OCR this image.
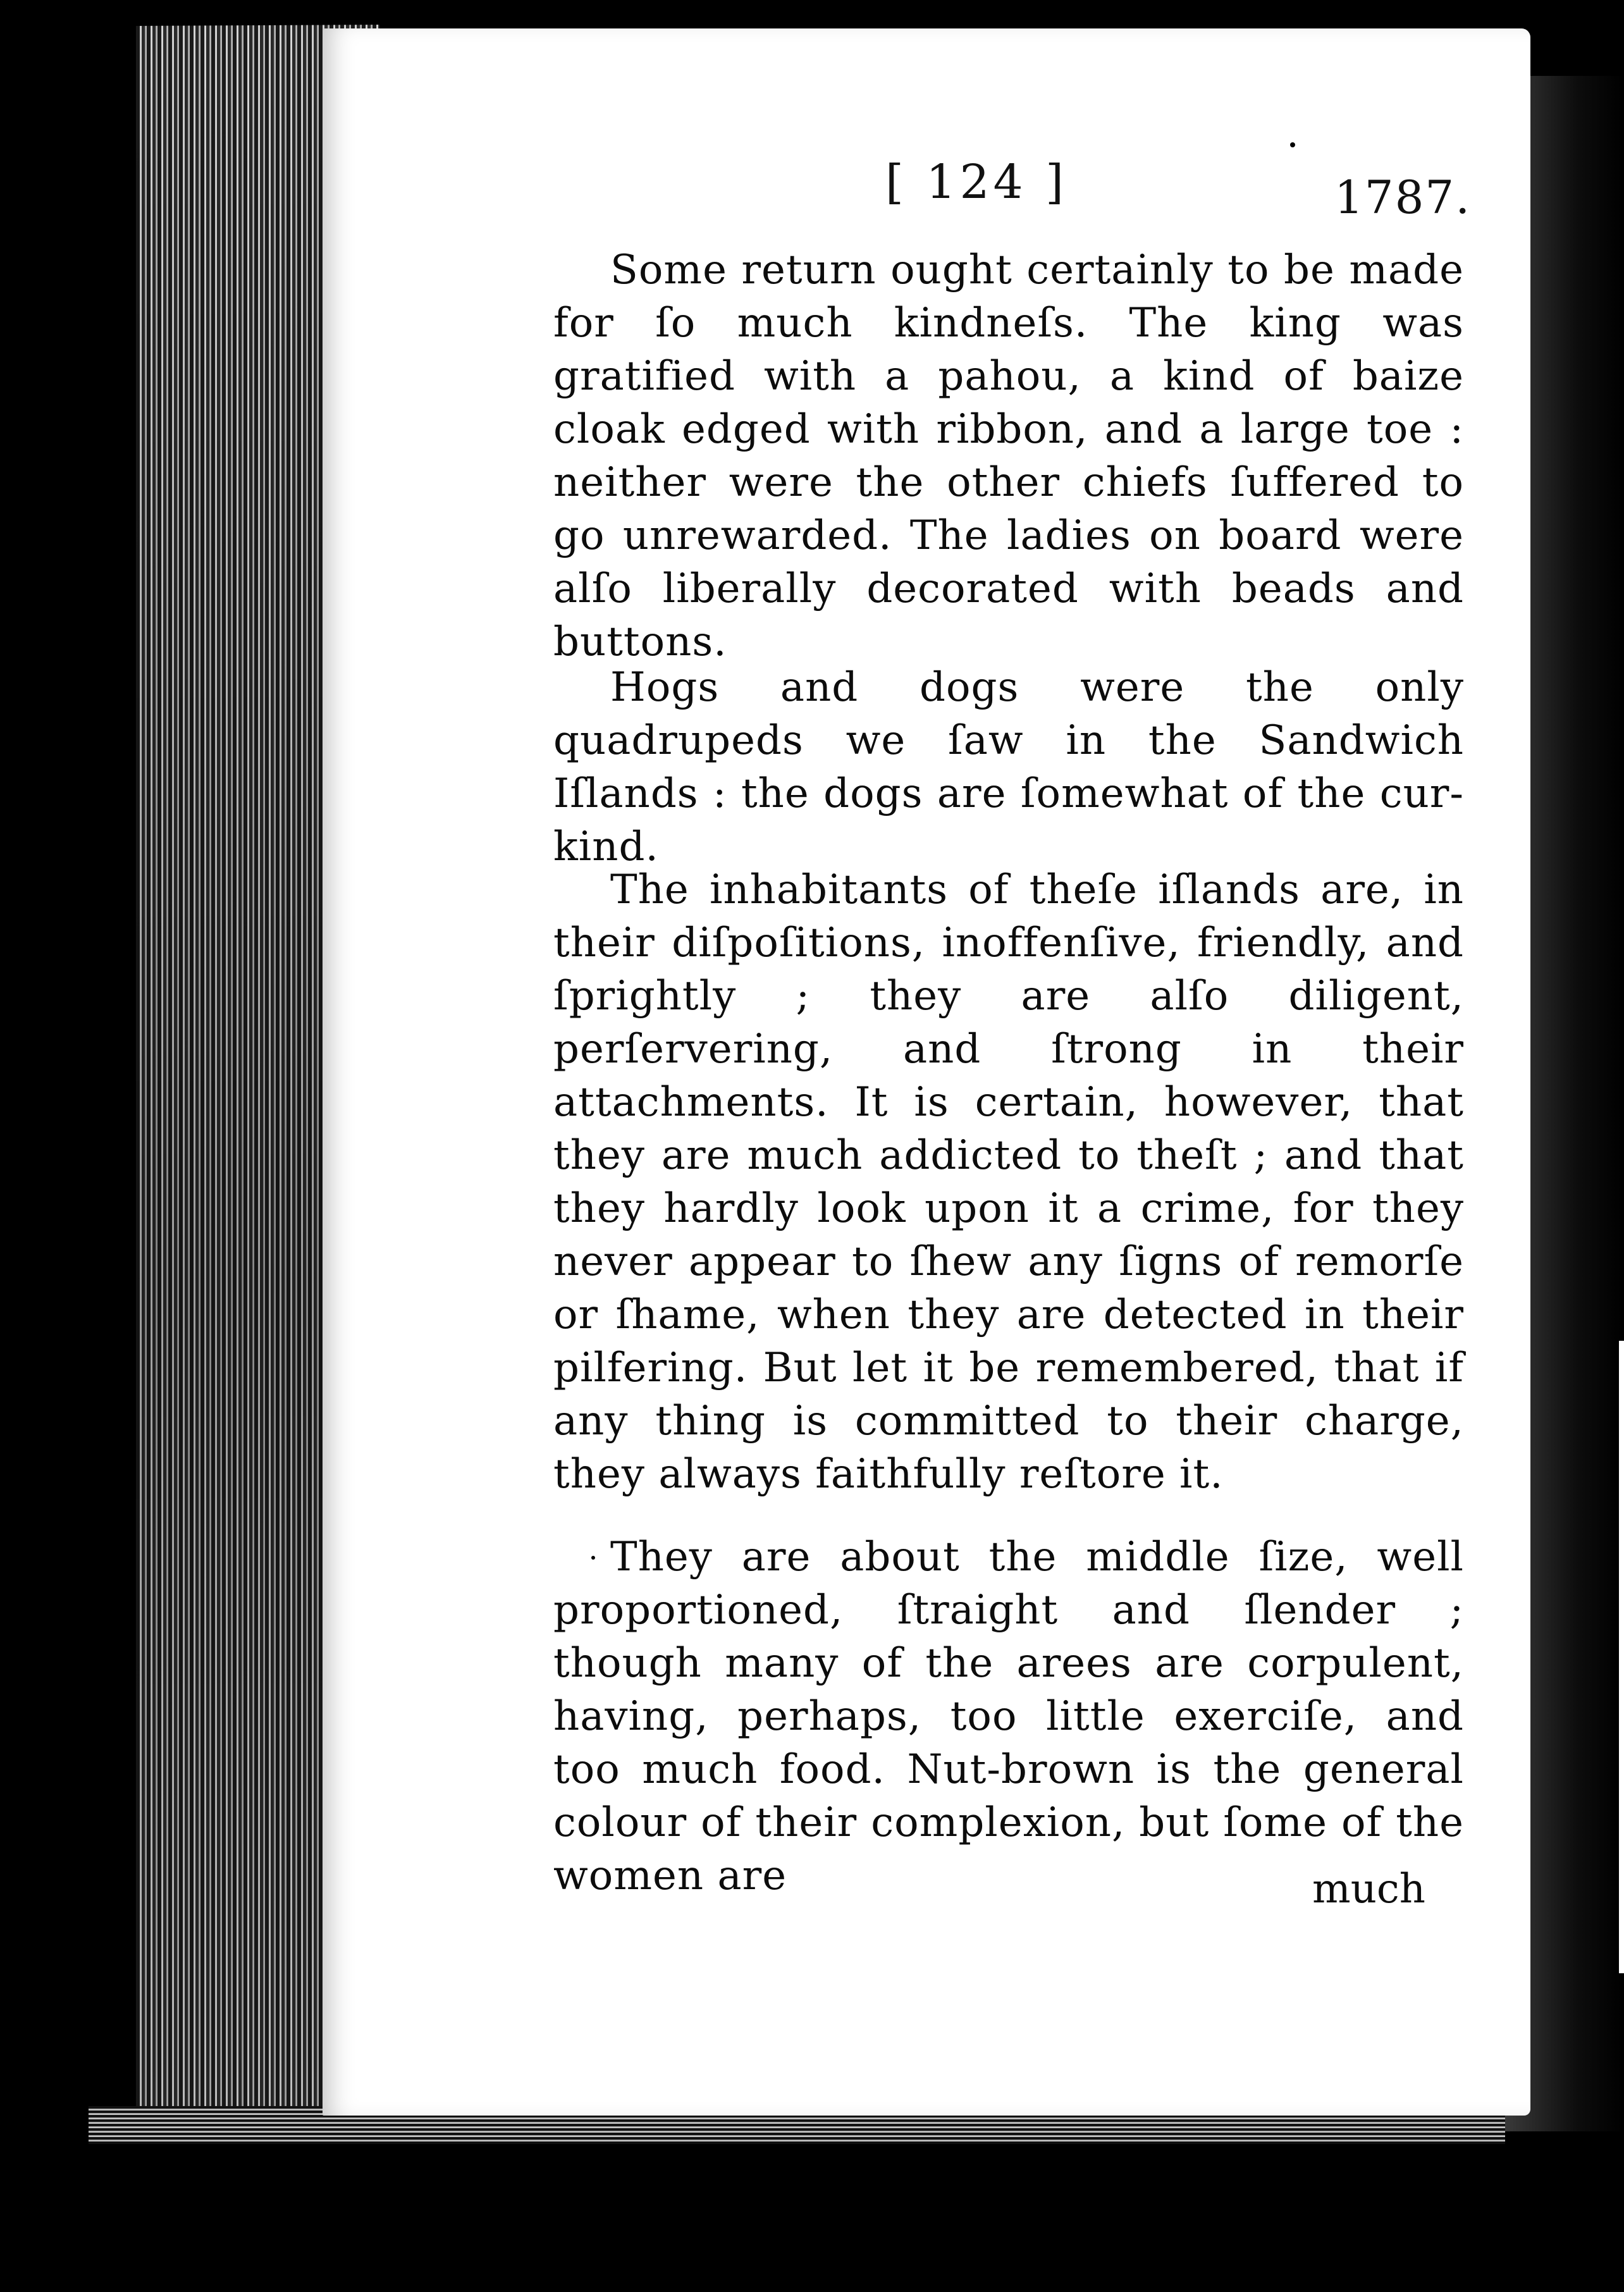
[ 124 ]	1787.

Some return ought certainly to be made for ſo much kindneſs. The king was gratified with a pahou, a kind of baize cloak edged with ribbon, and a large toe : neither were the other chiefs ſuffered to go unrewarded. The ladies on board were alſo liberally decorated with beads and buttons.

Hogs and dogs were the only quadrupeds we ſaw in the Sandwich Iſlands : the dogs are ſomewhat of the cur-kind.

The inhabitants of theſe iſlands are, in their diſpoſitions, inoffenſive, friendly, and ſprightly ; they are alſo diligent, perſervering, and ſtrong in their attachments. It is certain, however, that they are much addicted to theſt ; and that they hardly look upon it a crime, for they never appear to ſhew any ſigns of remorſe or ſhame, when they are detected in their pilfering. But let it be remembered, that if any thing is committed to their charge, they always faithfully reſtore it.

They are about the middle ſize, well proportioned, ſtraight and ſlender ; though many of the arees are corpulent, having, perhaps, too little exerciſe, and too much food. Nut-brown is the general colour of their complexion, but ſome of the women are	much
